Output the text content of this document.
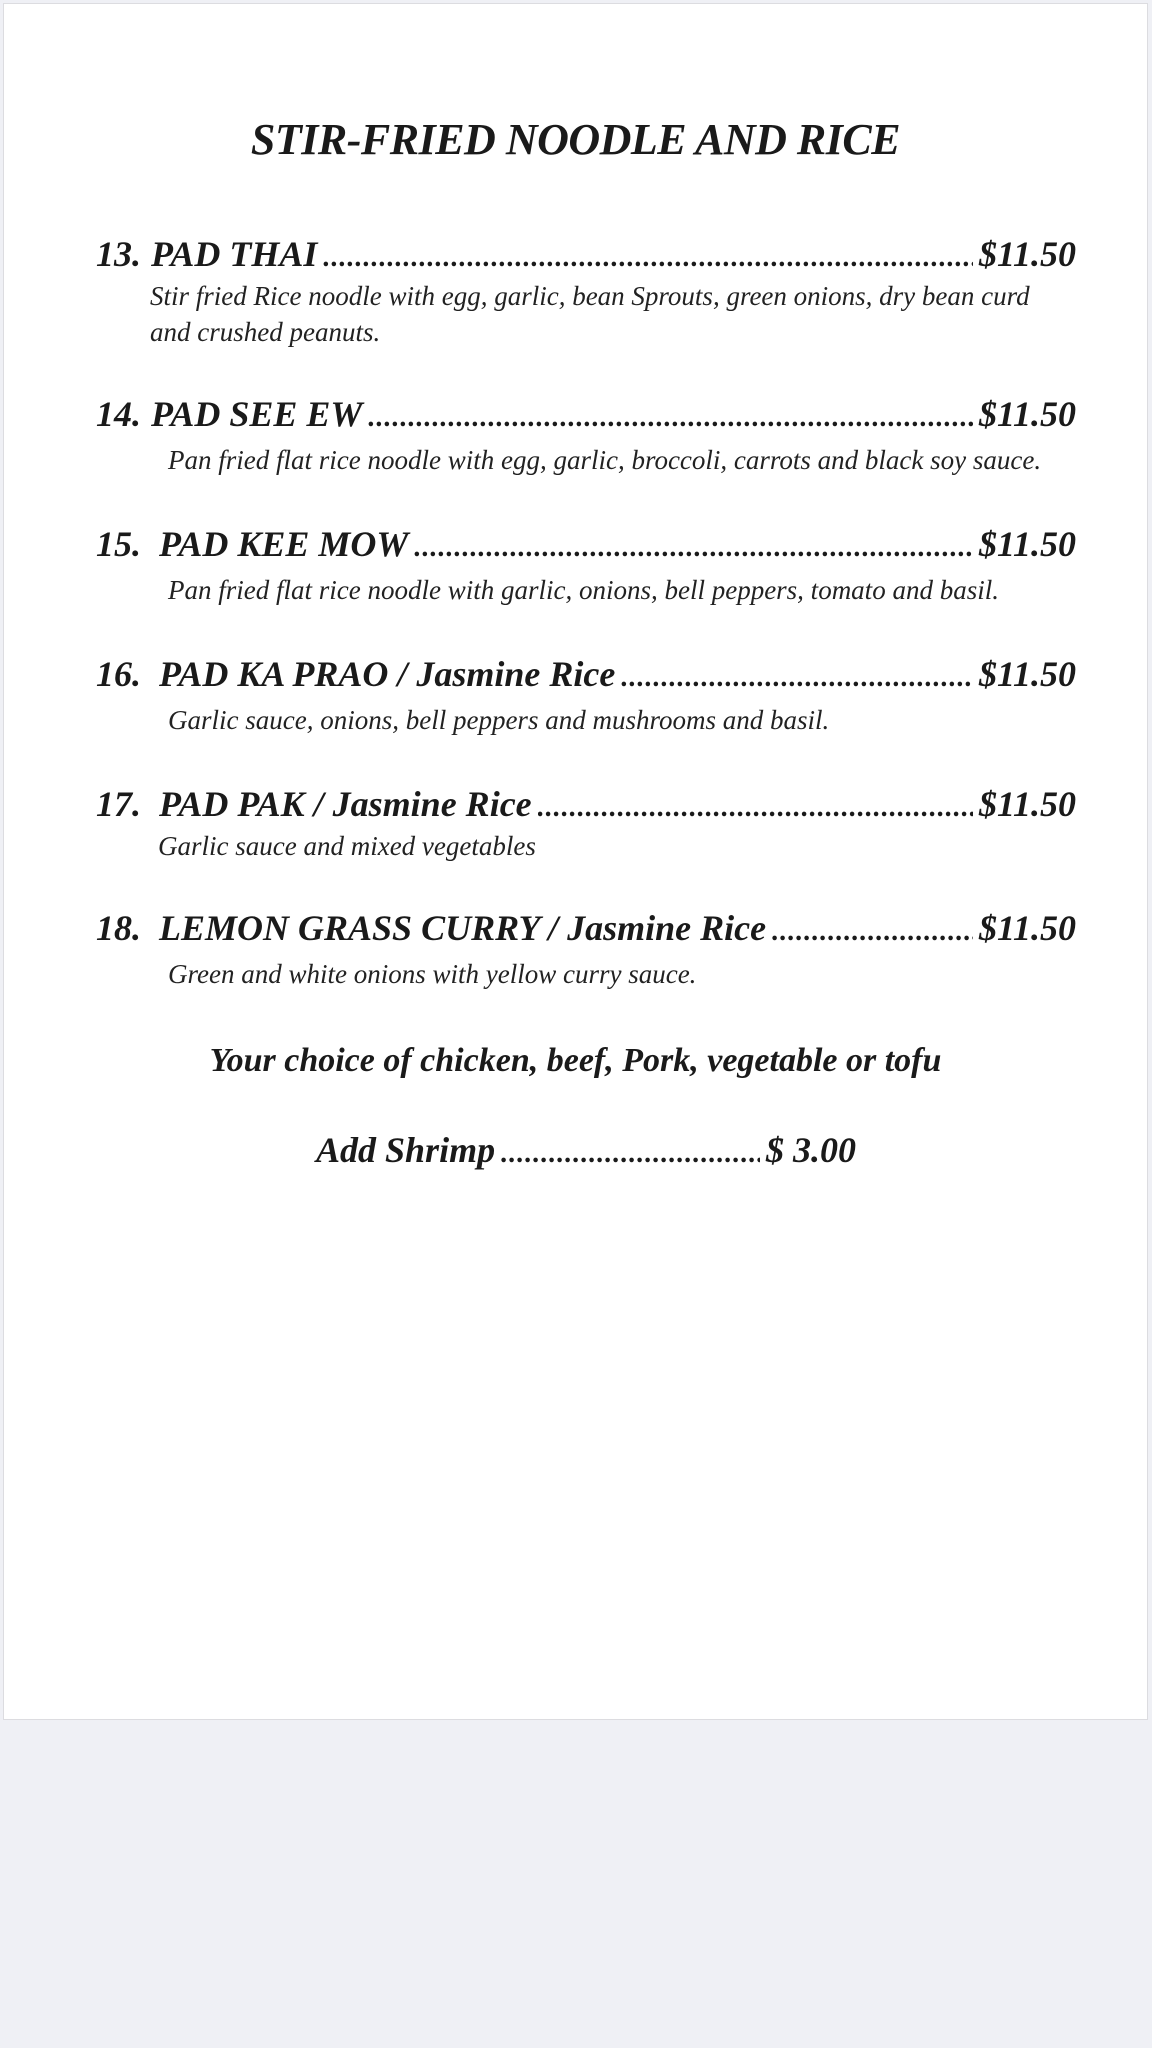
STIR-FRIED NOODLE AND RICE
13. PAD THAI .....	$11.50

Stir fried Rice noodle with egg, garlic, bean Sprouts, green onions, dry bean curd and crushed peanuts.

14. PAD SEE EW .....	$11.50

Pan fried flat rice noodle with egg, garlic, broccoli, carrots and black soy sauce.

15. PAD KEE MOW .....	$11.50

Pan fried flat rice noodle with garlic, onions, bell peppers, tomato and basil.

16. PAD KA PRAO / Jasmine Rice .....	$11.50

Garlic sauce, onions, bell peppers and mushrooms and basil.

17. PAD PAK / Jasmine Rice .....	$11.50

Garlic sauce and mixed vegetables

18. LEMON GRASS CURRY / Jasmine Rice .....	$11.50

Green and white onions with yellow curry sauce.

Your choice of chicken, beef, Pork, vegetable or tofu

Add Shrimp .....	$ 3.00
